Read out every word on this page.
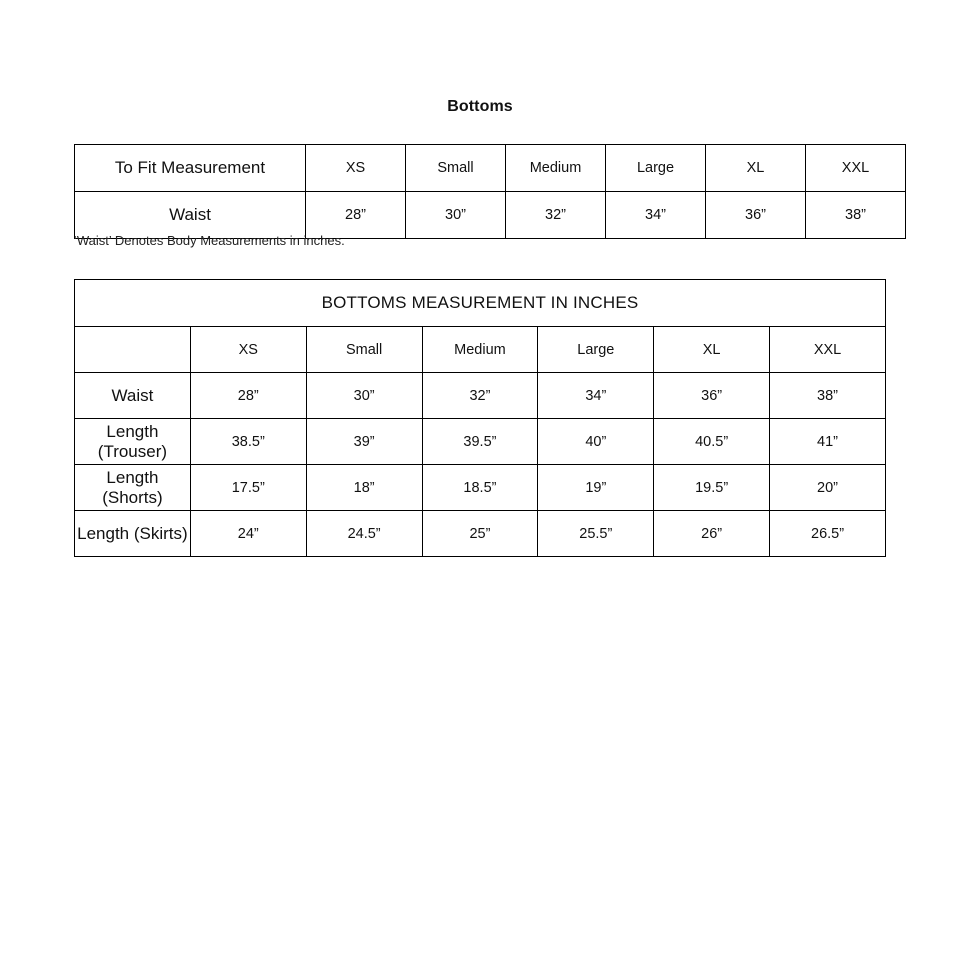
Bottoms
To Fit Measurement	XS	Small	Medium	Large	XL	XXL
Waist	28”	30”	32”	34”	36”	38”
‘Waist’ Denotes Body Measurements in inches.
BOTTOMS MEASUREMENT IN INCHES						
	XS	Small	Medium	Large	XL	XXL
Waist	28”	30”	32”	34”	36”	38”
Length (Trouser)	38.5”	39”	39.5”	40”	40.5”	41”
Length (Shorts)	17.5”	18”	18.5”	19”	19.5”	20”
Length (Skirts)	24”	24.5”	25”	25.5”	26”	26.5”
